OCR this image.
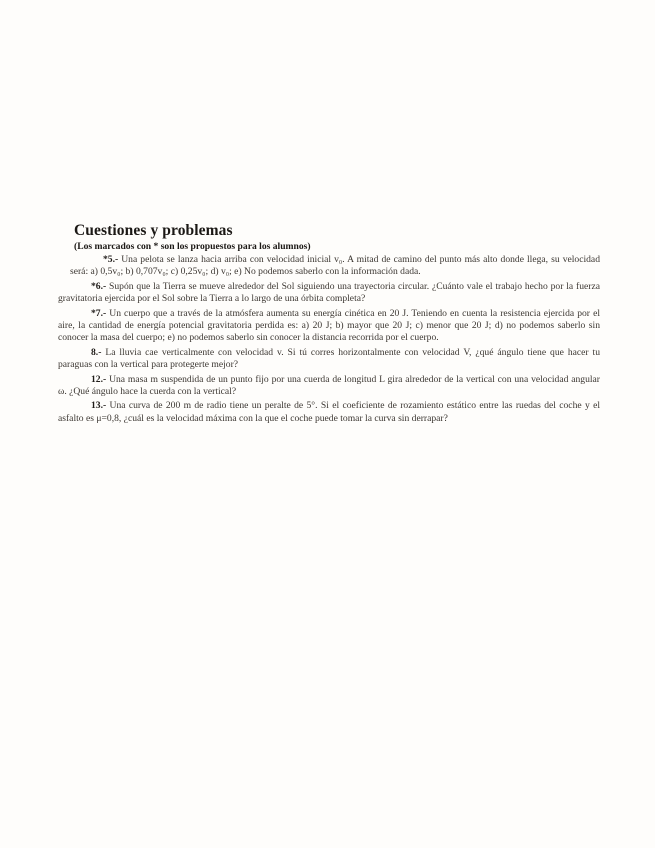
Cuestiones y problemas
(Los marcados con * son los propuestos para los alumnos)

*5.- Una pelota se lanza hacia arriba con velocidad inicial v₀. A mitad de camino del punto más alto donde llega, su velocidad será: a) 0,5v₀; b) 0,707v₀; c) 0,25v₀; d) v₀; e) No podemos saberlo con la información dada.

*6.- Supón que la Tierra se mueve alrededor del Sol siguiendo una trayectoria circular. ¿Cuánto vale el trabajo hecho por la fuerza gravitatoria ejercida por el Sol sobre la Tierra a lo largo de una órbita completa?

*7.- Un cuerpo que a través de la atmósfera aumenta su energía cinética en 20 J. Teniendo en cuenta la resistencia ejercida por el aire, la cantidad de energía potencial gravitatoria perdida es: a) 20 J; b) mayor que 20 J; c) menor que 20 J; d) no podemos saberlo sin conocer la masa del cuerpo; e) no podemos saberlo sin conocer la distancia recorrida por el cuerpo.

8.- La lluvia cae verticalmente con velocidad v. Si tú corres horizontalmente con velocidad V, ¿qué ángulo tiene que hacer tu paraguas con la vertical para protegerte mejor?

12.- Una masa m suspendida de un punto fijo por una cuerda de longitud L gira alrededor de la vertical con una velocidad angular ω. ¿Qué ángulo hace la cuerda con la vertical?

13.- Una curva de 200 m de radio tiene un peralte de 5°. Si el coeficiente de rozamiento estático entre las ruedas del coche y el asfalto es μ=0,8, ¿cuál es la velocidad máxima con la que el coche puede tomar la curva sin derrapar?
